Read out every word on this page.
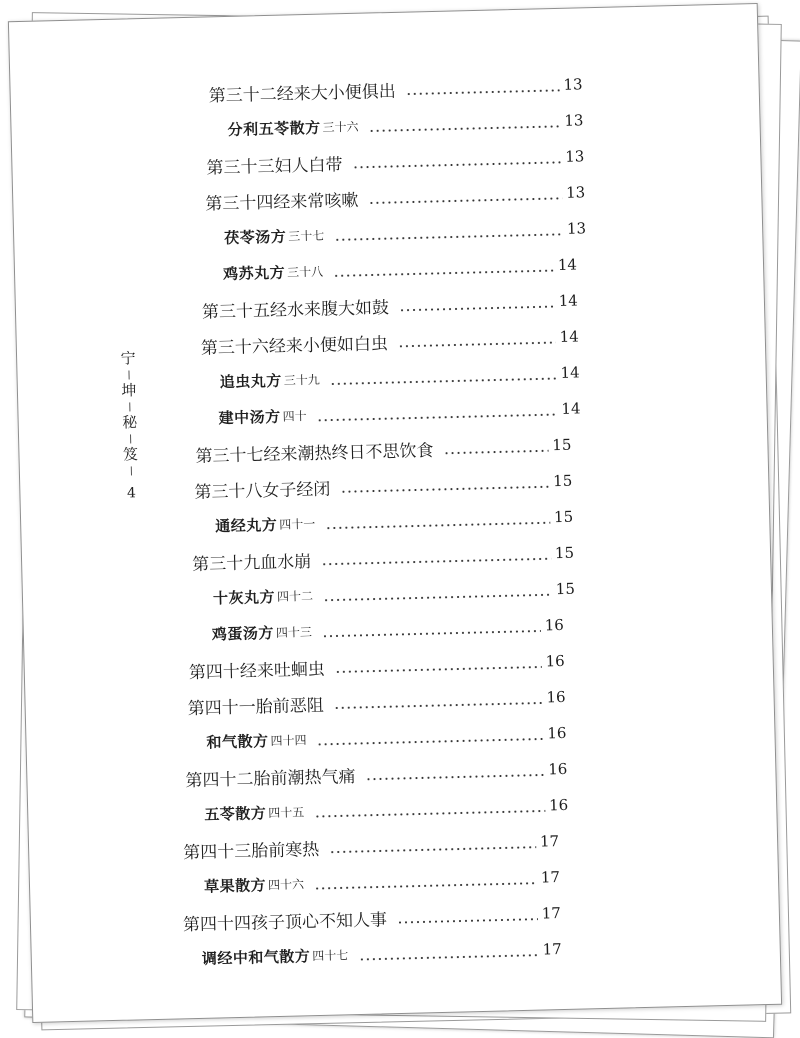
宁
坤
秘
笈
4
第三十二经来大小便俱出	13
分利五苓散方 三十六	13
第三十三妇人白带	13
第三十四经来常咳嗽	13
茯苓汤方 三十七	13
鸡苏丸方 三十八	14
第三十五经水来腹大如鼓	14
第三十六经来小便如白虫	14
追虫丸方 三十九	14
建中汤方 四十	14
第三十七经来潮热终日不思饮食	15
第三十八女子经闭	15
通经丸方 四十一	15
第三十九血水崩	15
十灰丸方 四十二	15
鸡蛋汤方 四十三	16
第四十经来吐蛔虫	16
第四十一胎前恶阻	16
和气散方 四十四	16
第四十二胎前潮热气痛	16
五苓散方 四十五	16
第四十三胎前寒热	17
草果散方 四十六	17
第四十四孩子顶心不知人事	17
调经中和气散方 四十七	17
